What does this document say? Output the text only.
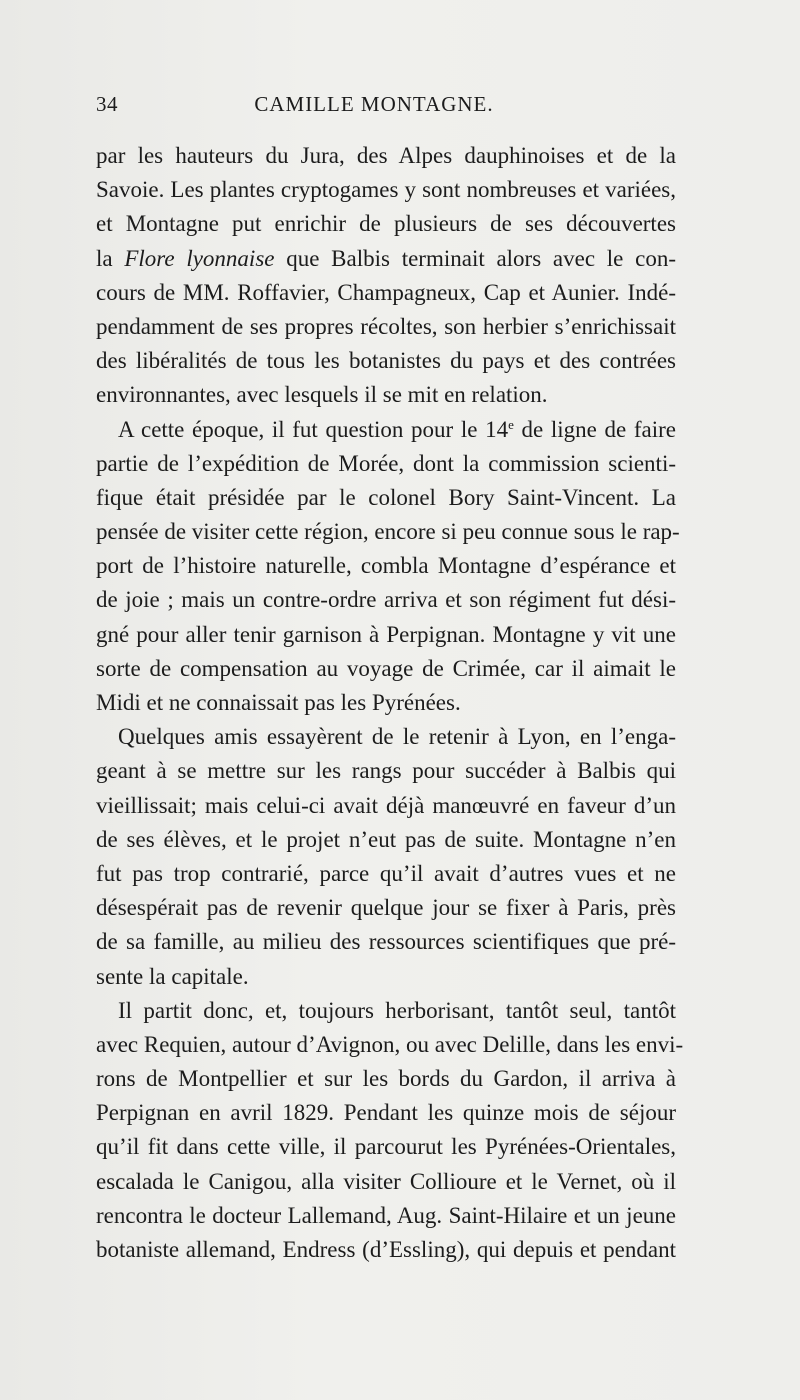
34	CAMILLE MONTAGNE.
par les hauteurs du Jura, des Alpes dauphinoises et de la
Savoie. Les plantes cryptogames y sont nombreuses et variées,
et Montagne put enrichir de plusieurs de ses découvertes
la Flore lyonnaise que Balbis terminait alors avec le con-
cours de MM. Roffavier, Champagneux, Cap et Aunier. Indé-
pendamment de ses propres récoltes, son herbier s’enrichissait
des libéralités de tous les botanistes du pays et des contrées
environnantes, avec lesquels il se mit en relation.
A cette époque, il fut question pour le 14e de ligne de faire
partie de l’expédition de Morée, dont la commission scienti-
fique était présidée par le colonel Bory Saint-Vincent. La
pensée de visiter cette région, encore si peu connue sous le rap-
port de l’histoire naturelle, combla Montagne d’espérance et
de joie ; mais un contre-ordre arriva et son régiment fut dési-
gné pour aller tenir garnison à Perpignan. Montagne y vit une
sorte de compensation au voyage de Crimée, car il aimait le
Midi et ne connaissait pas les Pyrénées.
Quelques amis essayèrent de le retenir à Lyon, en l’enga-
geant à se mettre sur les rangs pour succéder à Balbis qui
vieillissait; mais celui-ci avait déjà manœuvré en faveur d’un
de ses élèves, et le projet n’eut pas de suite. Montagne n’en
fut pas trop contrarié, parce qu’il avait d’autres vues et ne
désespérait pas de revenir quelque jour se fixer à Paris, près
de sa famille, au milieu des ressources scientifiques que pré-
sente la capitale.
Il partit donc, et, toujours herborisant, tantôt seul, tantôt
avec Requien, autour d’Avignon, ou avec Delille, dans les envi-
rons de Montpellier et sur les bords du Gardon, il arriva à
Perpignan en avril 1829. Pendant les quinze mois de séjour
qu’il fit dans cette ville, il parcourut les Pyrénées-Orientales,
escalada le Canigou, alla visiter Collioure et le Vernet, où il
rencontra le docteur Lallemand, Aug. Saint-Hilaire et un jeune
botaniste allemand, Endress (d’Essling), qui depuis et pendant
